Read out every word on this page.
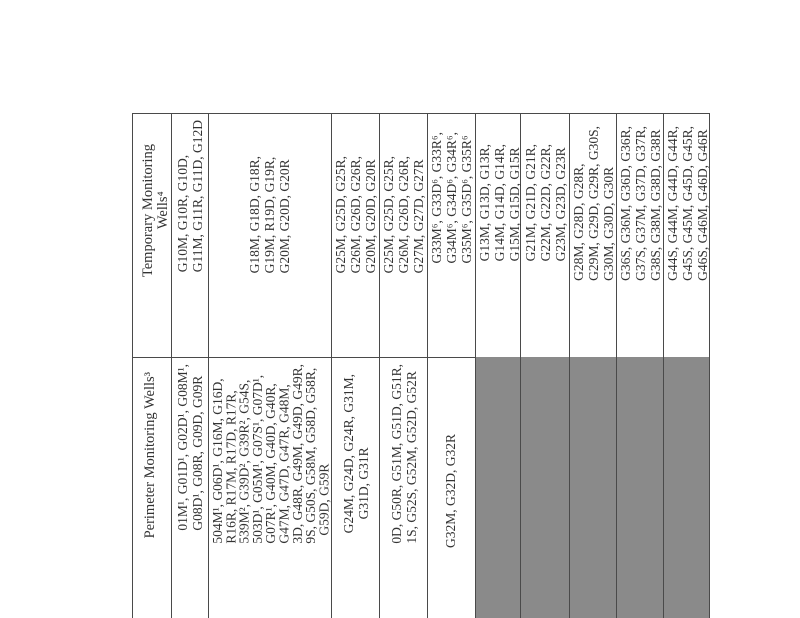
Perimeter Monitoring Wells³
Temporary Monitoring Wells⁴ G10M, G10R, G10D, G11M, G11R, G11D, G12D
01M¹, G01D¹, G02D¹, G08M¹, G08D¹, G08R, G09D, G09R
G18M, G18D, G18R, G19M, R19D, G19R, G20M, G20D, G20R
504M¹, G06D¹, G16M, G16D,
R16R, R17M, R17D, R17R,
539M², G39D², G39R², G54S,
503D¹, G05M¹, G07S¹, G07D¹,
G07R¹, G40M, G40D, G40R,
G47M, G47D, G47R, G48M,
3D, G48R, G49M, G49D, G49R,
9S, G50S, G58M, G58D, G58R,
G59D, G59R
G25M, G25D, G25R, G26M, G26D, G26R, G20M, G20D, G20R
G24M, G24D, G24R, G31M, G31D, G31R
G25M, G25D, G25R, G26M, G26D, G26R, G27M, G27D, G27R
0D, G50R, G51M, G51D, G51R, 1S, G52S, G52M, G52D, G52R
G33M⁶, G33D⁶, G33R⁶, G34M⁶, G34D⁶, G34R⁶, G35M⁶, G35D⁶, G35R⁶
G32M, G32D, G32R
G13M, G13D, G13R, G14M, G14D, G14R, G15M, G15D, G15R G21M, G21D, G21R, G22M, G22D, G22R, G23M, G23D, G23R G28M, G28D, G28R, G29M, G29D, G29R, G30S, G30M, G30D, G30R G36S, G36M, G36D, G36R, G37S, G37M, G37D, G37R, G38S, G38M, G38D, G38R G44S, G44M, G44D, G44R, G45S, G45M, G45D, G45R, G46S, G46M, G46D, G46R
